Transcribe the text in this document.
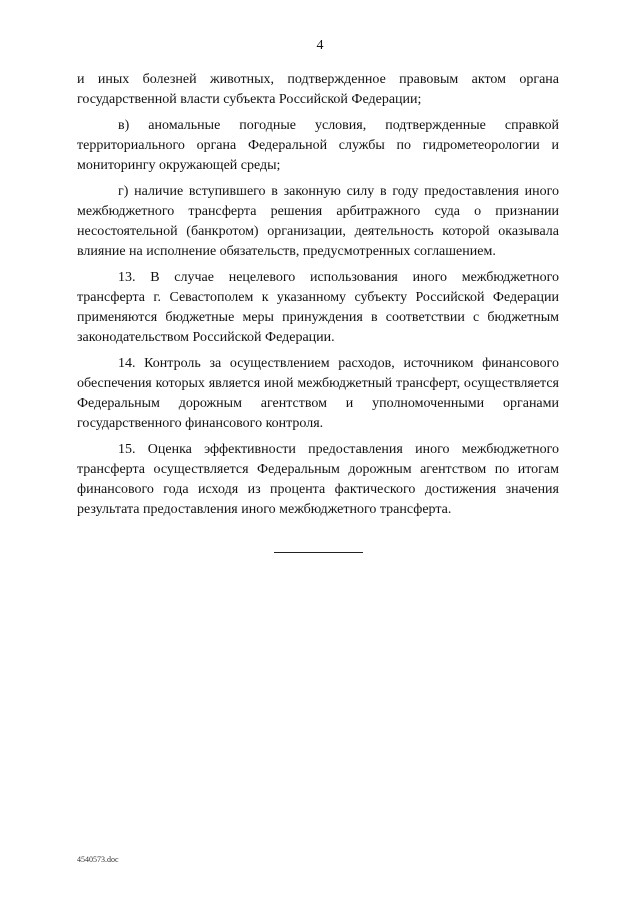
4

и иных болезней животных, подтвержденное правовым актом органа государственной власти субъекта Российской Федерации;

в) аномальные погодные условия, подтвержденные справкой территориального органа Федеральной службы по гидрометеорологии и мониторингу окружающей среды;

г) наличие вступившего в законную силу в году предоставления иного межбюджетного трансферта решения арбитражного суда о признании несостоятельной (банкротом) организации, деятельность которой оказывала влияние на исполнение обязательств, предусмотренных соглашением.

13. В случае нецелевого использования иного межбюджетного трансферта г. Севастополем к указанному субъекту Российской Федерации применяются бюджетные меры принуждения в соответствии с бюджетным законодательством Российской Федерации.

14. Контроль за осуществлением расходов, источником финансового обеспечения которых является иной межбюджетный трансферт, осуществляется Федеральным дорожным агентством и уполномоченными органами государственного финансового контроля.

15. Оценка эффективности предоставления иного межбюджетного трансферта осуществляется Федеральным дорожным агентством по итогам финансового года исходя из процента фактического достижения значения результата предоставления иного межбюджетного трансферта.

4540573.doc
